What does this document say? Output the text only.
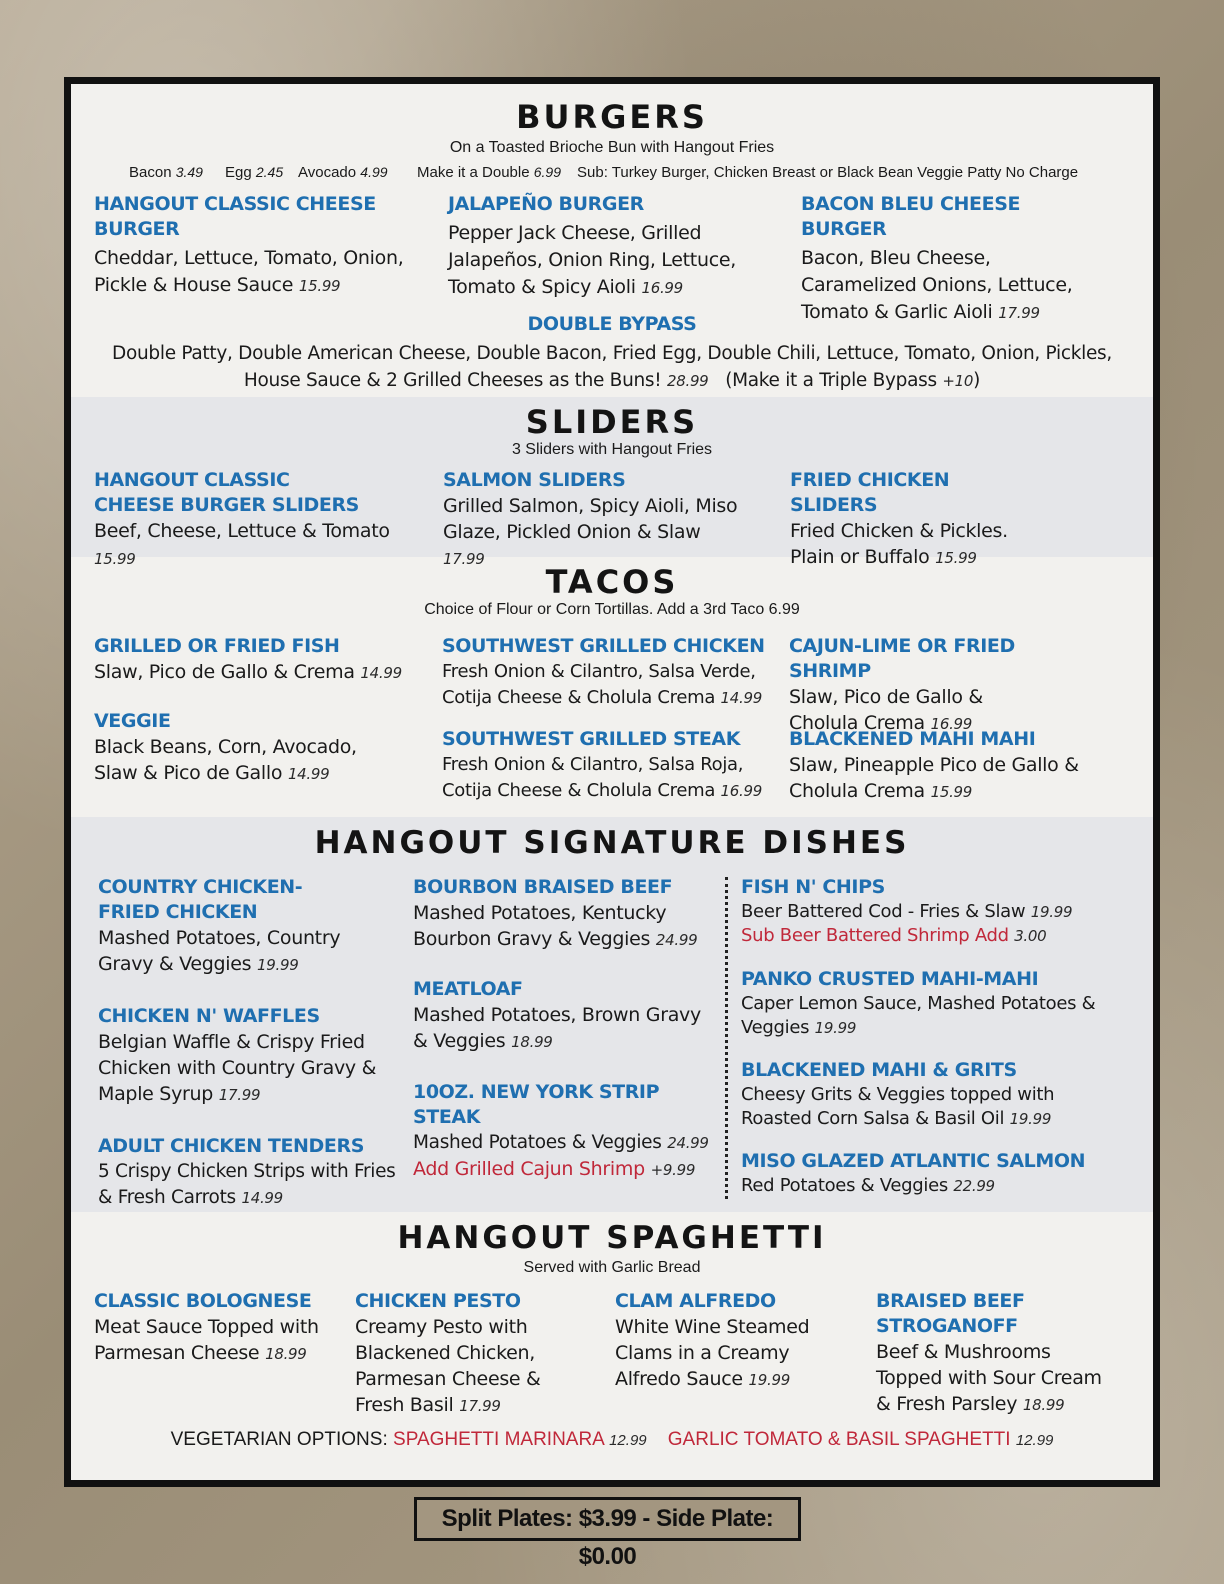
BURGERS
On a Toasted Brioche Bun with Hangout Fries
Bacon 3.49 Egg 2.45 Avocado 4.99 Make it a Double 6.99 Sub: Turkey Burger, Chicken Breast or Black Bean Veggie Patty No Charge
HANGOUT CLASSIC CHEESE BURGER
Cheddar, Lettuce, Tomato, Onion, Pickle & House Sauce 15.99
JALAPEÑO BURGER
Pepper Jack Cheese, Grilled Jalapeños, Onion Ring, Lettuce, Tomato & Spicy Aioli 16.99
BACON BLEU CHEESE BURGER
Bacon, Bleu Cheese, Caramelized Onions, Lettuce, Tomato & Garlic Aioli 17.99
DOUBLE BYPASS
Double Patty, Double American Cheese, Double Bacon, Fried Egg, Double Chili, Lettuce, Tomato, Onion, Pickles,
House Sauce & 2 Grilled Cheeses as the Buns! 28.99 (Make it a Triple Bypass +10)
SLIDERS
3 Sliders with Hangout Fries
HANGOUT CLASSIC
CHEESE BURGER SLIDERS
Beef, Cheese, Lettuce & Tomato 15.99
SALMON SLIDERS
Grilled Salmon, Spicy Aioli, Miso Glaze, Pickled Onion & Slaw 17.99
FRIED CHICKEN SLIDERS
Fried Chicken & Pickles. Plain or Buffalo 15.99
TACOS
Choice of Flour or Corn Tortillas. Add a 3rd Taco 6.99
GRILLED OR FRIED FISH
Slaw, Pico de Gallo & Crema 14.99
VEGGIE
Black Beans, Corn, Avocado, Slaw & Pico de Gallo 14.99
SOUTHWEST GRILLED CHICKEN
Fresh Onion & Cilantro, Salsa Verde, Cotija Cheese & Cholula Crema 14.99
SOUTHWEST GRILLED STEAK
Fresh Onion & Cilantro, Salsa Roja, Cotija Cheese & Cholula Crema 16.99
CAJUN-LIME OR FRIED SHRIMP
Slaw, Pico de Gallo & Cholula Crema 16.99
BLACKENED MAHI MAHI
Slaw, Pineapple Pico de Gallo & Cholula Crema 15.99
HANGOUT SIGNATURE DISHES
COUNTRY CHICKEN-FRIED CHICKEN
Mashed Potatoes, Country Gravy & Veggies 19.99
CHICKEN N' WAFFLES
Belgian Waffle & Crispy Fried Chicken with Country Gravy & Maple Syrup 17.99
ADULT CHICKEN TENDERS
5 Crispy Chicken Strips with Fries & Fresh Carrots 14.99
BOURBON BRAISED BEEF
Mashed Potatoes, Kentucky Bourbon Gravy & Veggies 24.99
MEATLOAF
Mashed Potatoes, Brown Gravy & Veggies 18.99
10OZ. NEW YORK STRIP STEAK
Mashed Potatoes & Veggies 24.99
Add Grilled Cajun Shrimp +9.99
FISH N' CHIPS
Beer Battered Cod - Fries & Slaw 19.99
Sub Beer Battered Shrimp Add 3.00
PANKO CRUSTED MAHI-MAHI
Caper Lemon Sauce, Mashed Potatoes & Veggies 19.99
BLACKENED MAHI & GRITS
Cheesy Grits & Veggies topped with Roasted Corn Salsa & Basil Oil 19.99
MISO GLAZED ATLANTIC SALMON
Red Potatoes & Veggies 22.99
HANGOUT SPAGHETTI
Served with Garlic Bread
CLASSIC BOLOGNESE
Meat Sauce Topped with Parmesan Cheese 18.99
CHICKEN PESTO
Creamy Pesto with Blackened Chicken, Parmesan Cheese & Fresh Basil 17.99
CLAM ALFREDO
White Wine Steamed Clams in a Creamy Alfredo Sauce 19.99
BRAISED BEEF STROGANOFF
Beef & Mushrooms Topped with Sour Cream & Fresh Parsley 18.99
VEGETARIAN OPTIONS: SPAGHETTI MARINARA 12.99 GARLIC TOMATO & BASIL SPAGHETTI 12.99
Split Plates: $3.99 - Side Plate: $0.00
